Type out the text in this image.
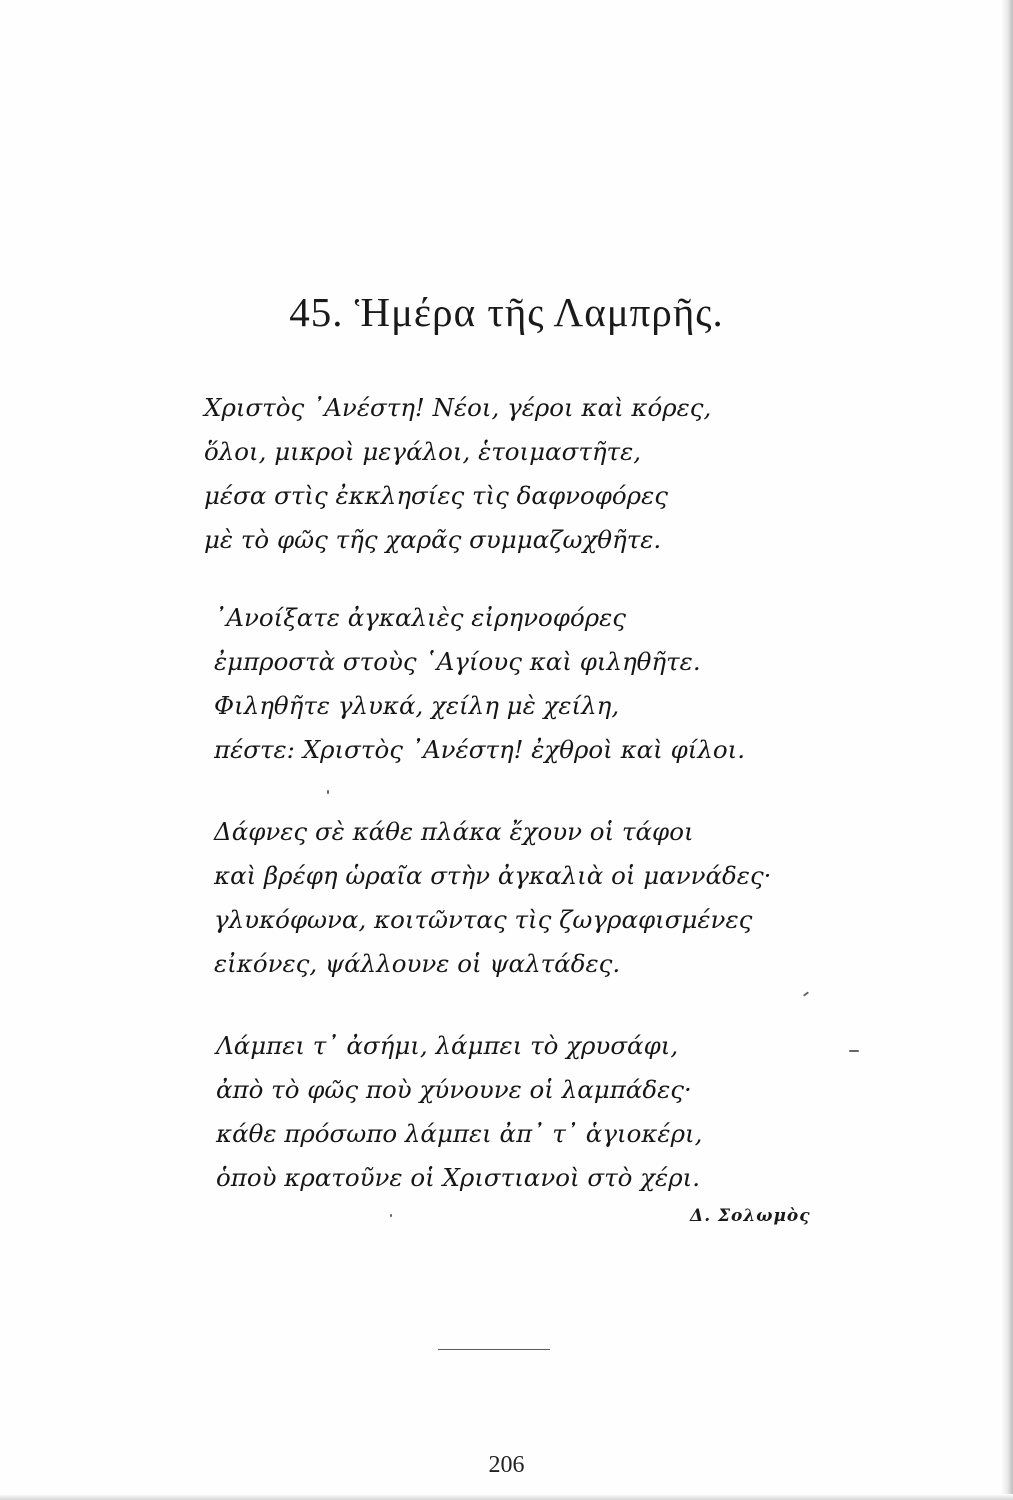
45. Ἡμέρα τῆς Λαμπρῆς.
Χριστὸς ᾿Ανέστη! Νέοι, γέροι καὶ κόρες,
ὅλοι, μικροὶ μεγάλοι, ἑτοιμαστῆτε,
μέσα στὶς ἐκκλησίες τὶς δαφνοφόρες
μὲ τὸ φῶς τῆς χαρᾶς συμμαζωχθῆτε.
᾿Ανοίξατε ἀγκαλιὲς εἰρηνοφόρες
ἐμπροστὰ στοὺς ῾Αγίους καὶ φιληθῆτε.
Φιληθῆτε γλυκά, χείλη μὲ χείλη,
πέστε: Χριστὸς ᾿Ανέστη! ἐχθροὶ καὶ φίλοι.
Δάφνες σὲ κάθε πλάκα ἔχουν οἱ τάφοι
καὶ βρέφη ὡραῖα στὴν ἀγκαλιὰ οἱ μαννάδες·
γλυκόφωνα, κοιτῶντας τὶς ζωγραφισμένες
εἰκόνες, ψάλλουνε οἱ ψαλτάδες.
Λάμπει τ᾿ ἀσήμι, λάμπει τὸ χρυσάφι,
ἀπὸ τὸ φῶς ποὺ χύνουνε οἱ λαμπάδες·
κάθε πρόσωπο λάμπει ἀπ᾿ τ᾿ ἁγιοκέρι,
ὁποὺ κρατοῦνε οἱ Χριστιανοὶ στὸ χέρι.
Δ. Σολωμὸς
206
